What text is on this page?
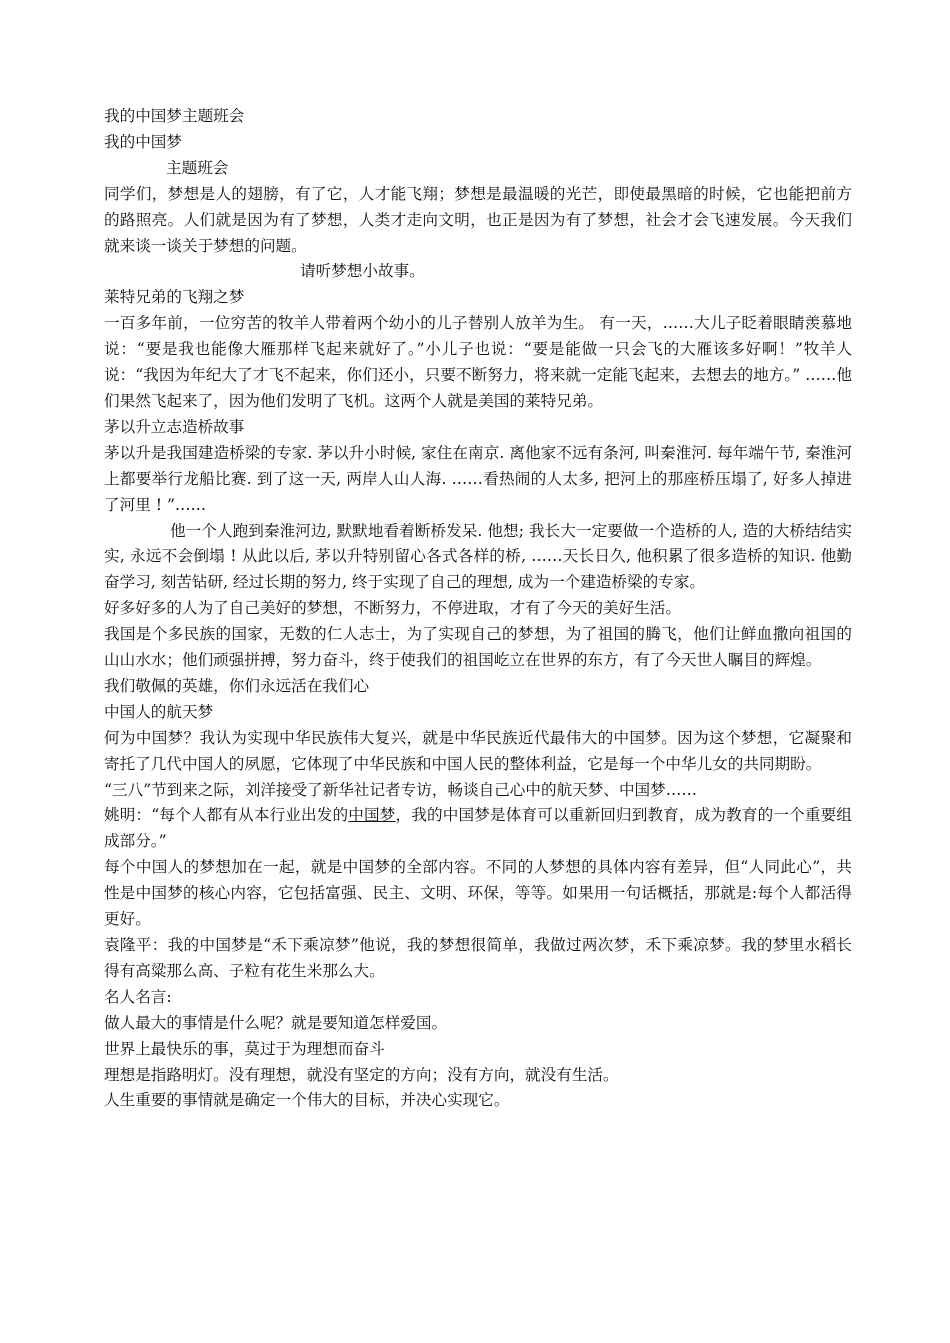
我的中国梦主题班会
我的中国梦
主题班会
同学们，梦想是人的翅膀，有了它，人才能飞翔；梦想是最温暖的光芒，即使最黑暗的时候，它也能把前方的路照亮。人们就是因为有了梦想，人类才走向文明，也正是因为有了梦想，社会才会飞速发展。今天我们就来谈一谈关于梦想的问题。
请听梦想小故事。
莱特兄弟的飞翔之梦
一百多年前，一位穷苦的牧羊人带着两个幼小的儿子替别人放羊为生。 有一天，……大儿子眨着眼睛羡慕地说：“要是我也能像大雁那样飞起来就好了。”小儿子也说：“要是能做一只会飞的大雁该多好啊！”牧羊人说：“我因为年纪大了才飞不起来，你们还小，只要不断努力，将来就一定能飞起来，去想去的地方。” ……他们果然飞起来了，因为他们发明了飞机。这两个人就是美国的莱特兄弟。
茅以升立志造桥故事
茅以升是我国建造桥梁的专家. 茅以升小时候, 家住在南京. 离他家不远有条河, 叫秦淮河. 每年端午节, 秦淮河上都要举行龙船比赛. 到了这一天, 两岸人山人海. ……看热闹的人太多, 把河上的那座桥压塌了, 好多人掉进了河里 ! ”……
他一个人跑到秦淮河边, 默默地看着断桥发呆. 他想; 我长大一定要做一个造桥的人, 造的大桥结结实实, 永远不会倒塌 ! 从此以后, 茅以升特别留心各式各样的桥, ……天长日久, 他积累了很多造桥的知识. 他勤奋学习, 刻苦钻研, 经过长期的努力, 终于实现了自己的理想, 成为一个建造桥梁的专家。
好多好多的人为了自己美好的梦想，不断努力，不停进取，才有了今天的美好生活。
我国是个多民族的国家，无数的仁人志士，为了实现自己的梦想，为了祖国的腾飞，他们让鲜血撒向祖国的山山水水；他们顽强拼搏，努力奋斗，终于使我们的祖国屹立在世界的东方，有了今天世人瞩目的辉煌。
我们敬佩的英雄，你们永远活在我们心
中国人的航天梦
何为中国梦？我认为实现中华民族伟大复兴，就是中华民族近代最伟大的中国梦。因为这个梦想，它凝聚和寄托了几代中国人的夙愿，它体现了中华民族和中国人民的整体利益，它是每一个中华儿女的共同期盼。
“三八”节到来之际，刘洋接受了新华社记者专访，畅谈自己心中的航天梦、中国梦……
姚明：“每个人都有从本行业出发的中国梦，我的中国梦是体育可以重新回归到教育，成为教育的一个重要组成部分。”
每个中国人的梦想加在一起，就是中国梦的全部内容。不同的人梦想的具体内容有差异，但“人同此心”，共性是中国梦的核心内容，它包括富强、民主、文明、环保，等等。如果用一句话概括，那就是:每个人都活得更好。
袁隆平：我的中国梦是“禾下乘凉梦”他说，我的梦想很简单，我做过两次梦，禾下乘凉梦。我的梦里水稻长得有高粱那么高、子粒有花生米那么大。
名人名言:
做人最大的事情是什么呢？就是要知道怎样爱国。
世界上最快乐的事，莫过于为理想而奋斗
理想是指路明灯。没有理想，就没有坚定的方向；没有方向，就没有生活。
人生重要的事情就是确定一个伟大的目标，并决心实现它。
